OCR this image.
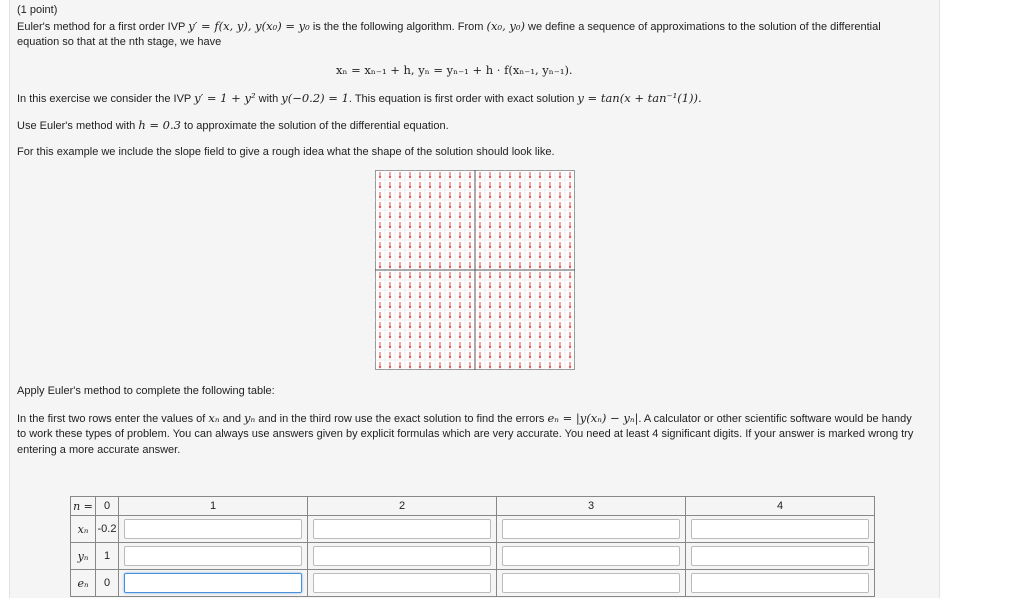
(1 point)
Euler's method for a first order IVP y′ = f(x, y), y(x₀) = y₀ is the the following algorithm. From (x₀, y₀) we define a sequence of approximations to the solution of the differential
equation so that at the nth stage, we have
xₙ = xₙ₋₁ + h, yₙ = yₙ₋₁ + h · f(xₙ₋₁, yₙ₋₁).
In this exercise we consider the IVP y′ = 1 + y² with y(−0.2) = 1. This equation is first order with exact solution y = tan(x + tan⁻¹(1)).
Use Euler's method with h = 0.3 to approximate the solution of the differential equation.
For this example we include the slope field to give a rough idea what the shape of the solution should look like.
Apply Euler's method to complete the following table:
In the first two rows enter the values of xₙ and yₙ and in the third row use the exact solution to find the errors eₙ = |y(xₙ) − yₙ|. A calculator or other scientific software would be handy
to work these types of problem. You can always use answers given by explicit formulas which are very accurate. You need at least 4 significant digits. If your answer is marked wrong try
entering a more accurate answer.
n =	0	1	2	3	4
xₙ	-0.2	

yₙ	1	

eₙ	0	
